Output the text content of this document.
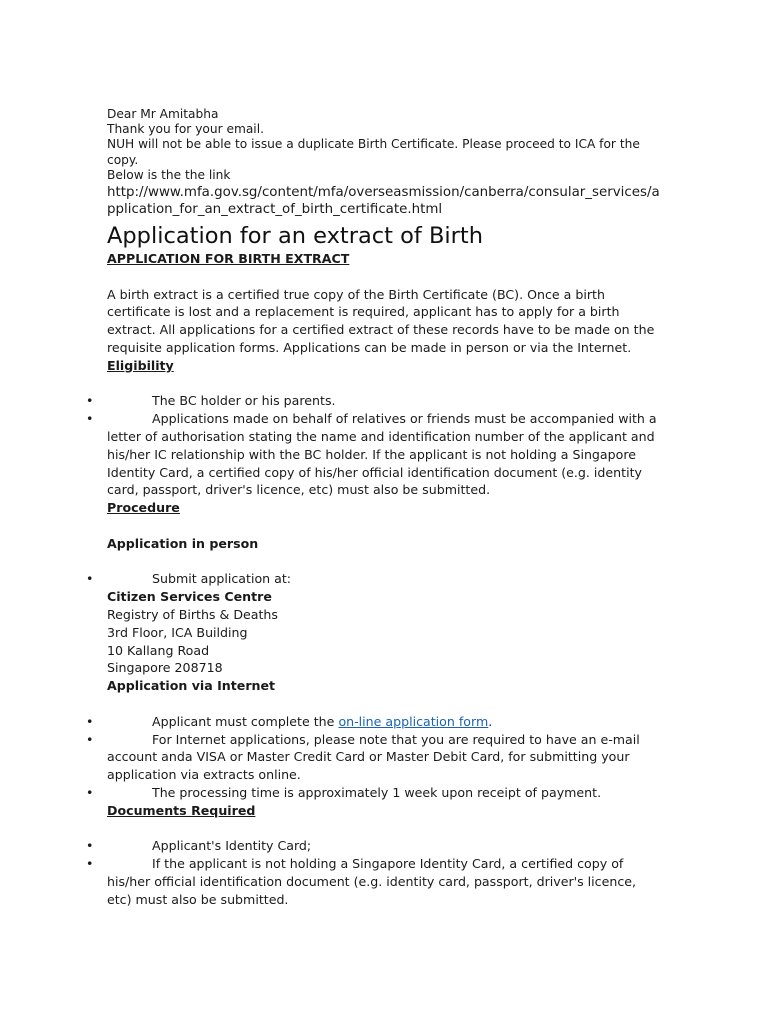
Dear Mr Amitabha

Thank you for your email.

NUH will not be able to issue a duplicate Birth Certificate. Please proceed to ICA for the copy.

Below is the the link

http://www.mfa.gov.sg/content/mfa/overseasmission/canberra/consular_services/application_for_an_extract_of_birth_certificate.html

Application for an extract of Birth

APPLICATION FOR BIRTH EXTRACT

A birth extract is a certified true copy of the Birth Certificate (BC). Once a birth certificate is lost and a replacement is required, applicant has to apply for a birth extract. All applications for a certified extract of these records have to be made on the requisite application forms. Applications can be made in person or via the Internet.

Eligibility

•	The BC holder or his parents.
•	Applications made on behalf of relatives or friends must be accompanied with a letter of authorisation stating the name and identification number of the applicant and his/her IC relationship with the BC holder. If the applicant is not holding a Singapore Identity Card, a certified copy of his/her official identification document (e.g. identity card, passport, driver's licence, etc) must also be submitted.

Procedure

Application in person

•	Submit application at:

Citizen Services Centre

Registry of Births & Deaths

3rd Floor, ICA Building

10 Kallang Road

Singapore 208718

Application via Internet

•	Applicant must complete the on-line application form.
•	For Internet applications, please note that you are required to have an e-mail account anda VISA or Master Credit Card or Master Debit Card, for submitting your application via extracts online.
•	The processing time is approximately 1 week upon receipt of payment.

Documents Required

•	Applicant's Identity Card;
•	If the applicant is not holding a Singapore Identity Card, a certified copy of his/her official identification document (e.g. identity card, passport, driver's licence, etc) must also be submitted.
